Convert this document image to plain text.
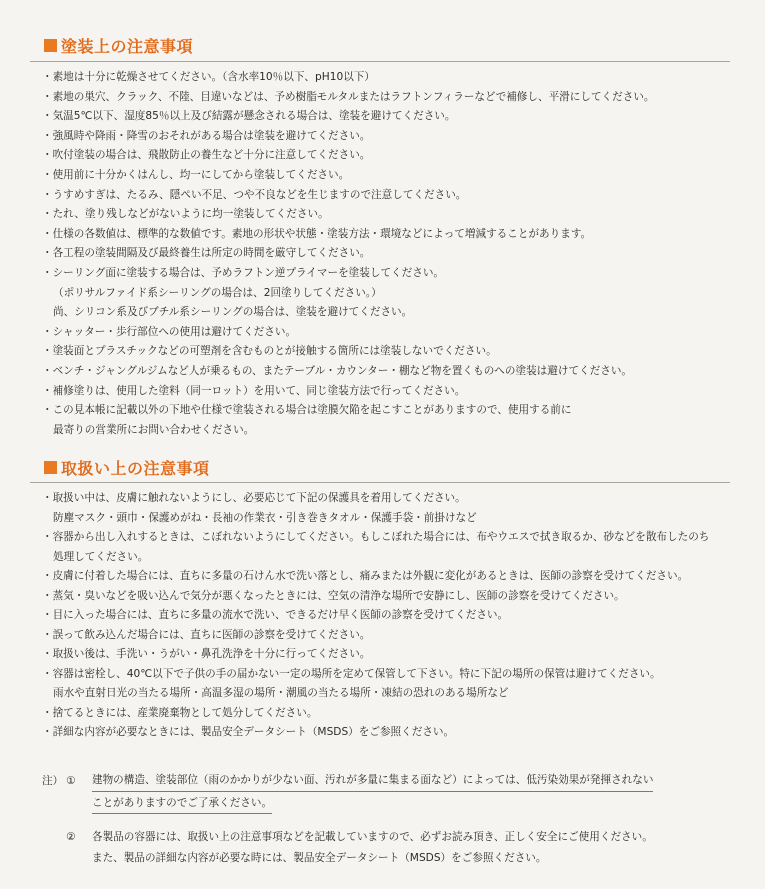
塗装上の注意事項
・素地は十分に乾燥させてください。（含水率10％以下、pH10以下）
・素地の巣穴、クラック、不陸、目違いなどは、予め樹脂モルタルまたはラフトンフィラーなどで補修し、平滑にしてください。
・気温5℃以下、湿度85％以上及び結露が懸念される場合は、塗装を避けてください。
・強風時や降雨・降雪のおそれがある場合は塗装を避けてください。
・吹付塗装の場合は、飛散防止の養生など十分に注意してください。
・使用前に十分かくはんし、均一にしてから塗装してください。
・うすめすぎは、たるみ、隠ぺい不足、つや不良などを生じますので注意してください。
・たれ、塗り残しなどがないように均一塗装してください。
・仕様の各数値は、標準的な数値です。素地の形状や状態・塗装方法・環境などによって増減することがあります。
・各工程の塗装間隔及び最終養生は所定の時間を厳守してください。
・シーリング面に塗装する場合は、予めラフトン逆プライマーを塗装してください。
（ポリサルファイド系シーリングの場合は、2回塗りしてください。）
尚、シリコン系及びブチル系シーリングの場合は、塗装を避けてください。
・シャッター・歩行部位への使用は避けてください。
・塗装面とプラスチックなどの可塑剤を含むものとが接触する箇所には塗装しないでください。
・ベンチ・ジャングルジムなど人が乗るもの、またテーブル・カウンター・棚など物を置くものへの塗装は避けてください。
・補修塗りは、使用した塗料（同一ロット）を用いて、同じ塗装方法で行ってください。
・この見本帳に記載以外の下地や仕様で塗装される場合は塗膜欠陥を起こすことがありますので、使用する前に
最寄りの営業所にお問い合わせください。
取扱い上の注意事項
・取扱い中は、皮膚に触れないようにし、必要応じて下記の保護具を着用してください。
防塵マスク・頭巾・保護めがね・長袖の作業衣・引き巻きタオル・保護手袋・前掛けなど
・容器から出し入れするときは、こぼれないようにしてください。もしこぼれた場合には、布やウエスで拭き取るか、砂などを散布したのち
処理してください。
・皮膚に付着した場合には、直ちに多量の石けん水で洗い落とし、痛みまたは外観に変化があるときは、医師の診察を受けてください。
・蒸気・臭いなどを吸い込んで気分が悪くなったときには、空気の清浄な場所で安静にし、医師の診察を受けてください。
・目に入った場合には、直ちに多量の流水で洗い、できるだけ早く医師の診察を受けてください。
・誤って飲み込んだ場合には、直ちに医師の診察を受けてください。
・取扱い後は、手洗い・うがい・鼻孔洗浄を十分に行ってください。
・容器は密栓し、40℃以下で子供の手の届かない一定の場所を定めて保管して下さい。特に下記の場所の保管は避けてください。
雨水や直射日光の当たる場所・高温多湿の場所・潮風の当たる場所・凍結の恐れのある場所など
・捨てるときには、産業廃棄物として処分してください。
・詳細な内容が必要なときには、製品安全データシート（MSDS）をご参照ください。
注） ①	建物の構造、塗装部位（雨のかかりが少ない面、汚れが多量に集まる面など）によっては、低汚染効果が発揮されない
ことがありますのでご了承ください。
②	各製品の容器には、取扱い上の注意事項などを記載していますので、必ずお読み頂き、正しく安全にご使用ください。
また、製品の詳細な内容が必要な時には、製品安全データシート（MSDS）をご参照ください。
